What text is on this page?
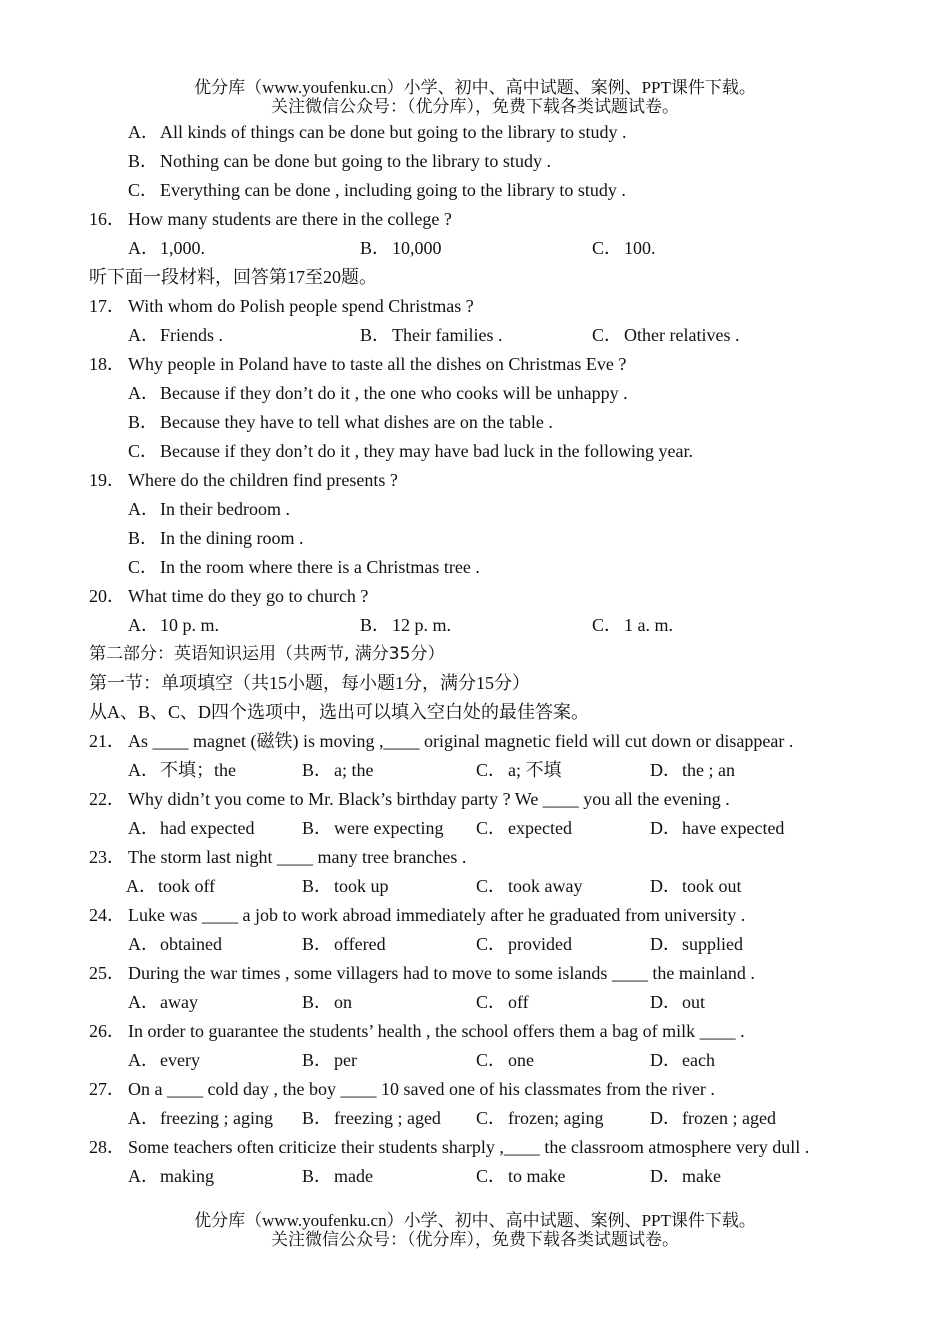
优分库（www.youfenku.cn）小学、初中、高中试题、案例、PPT课件下载。
关注微信公众号：（优分库），免费下载各类试题试卷。
A．All kinds of things can be done but going to the library to study .
B． Nothing can be done but going to the library to study .
C． Everything can be done , including going to the library to study .
16． How many students are there in the college ?
A．1,000.	B． 10,000	C． 100.
听下面一段材料，回答第17至20题。
17． With whom do Polish people spend Christmas ?
A．Friends .	B． Their families .	C． Other relatives .
18． Why people in Poland have to taste all the dishes on Christmas Eve ?
A．Because if they don’t do it , the one who cooks will be unhappy .
B． Because they have to tell what dishes are on the table .
C． Because if they don’t do it , they may have bad luck in the following year.
19． Where do the children find presents ?
A．In their bedroom .
B． In the dining room .
C． In the room where there is a Christmas tree .
20． What time do they go to church ?
A．10 p. m.	B． 12 p. m.	C． 1 a. m.
第二部分：英语知识运用（共两节, 满分35分）
第一节：单项填空（共15小题，每小题1分，满分15分）
从A、B、C、D四个选项中，选出可以填入空白处的最佳答案。
21． As ____ magnet (磁铁) is moving ,____ original magnetic field will cut down or disappear .
A．不填；the	B． a; the	C． a; 不填	D．the ; an
22． Why didn’t you come to Mr. Black’s birthday party ? We ____ you all the evening .
A．had expected	B． were expecting C． expected	D．have expected
23． The storm last night ____ many tree branches .
A．took off	B． took up	C． took away	D．took out
24． Luke was ____ a job to work abroad immediately after he graduated from university .
A．obtained	B． offered	C． provided	D．supplied
25． During the war times , some villagers had to move to some islands ____ the mainland .
A．away	B． on	C． off	D．out
26． In order to guarantee the students’ health , the school offers them a bag of milk ____ .
A．every	B． per	C． one	D．each
27． On a ____ cold day , the boy ____ 10 saved one of his classmates from the river .
A．freezing ; aging B． freezing ; aged C． frozen; aging	D．frozen ; aged
28． Some teachers often criticize their students sharply ,____ the classroom atmosphere very dull .
A．making	B． made	C． to make	D．make
优分库（www.youfenku.cn）小学、初中、高中试题、案例、PPT课件下载。
关注微信公众号：（优分库），免费下载各类试题试卷。
